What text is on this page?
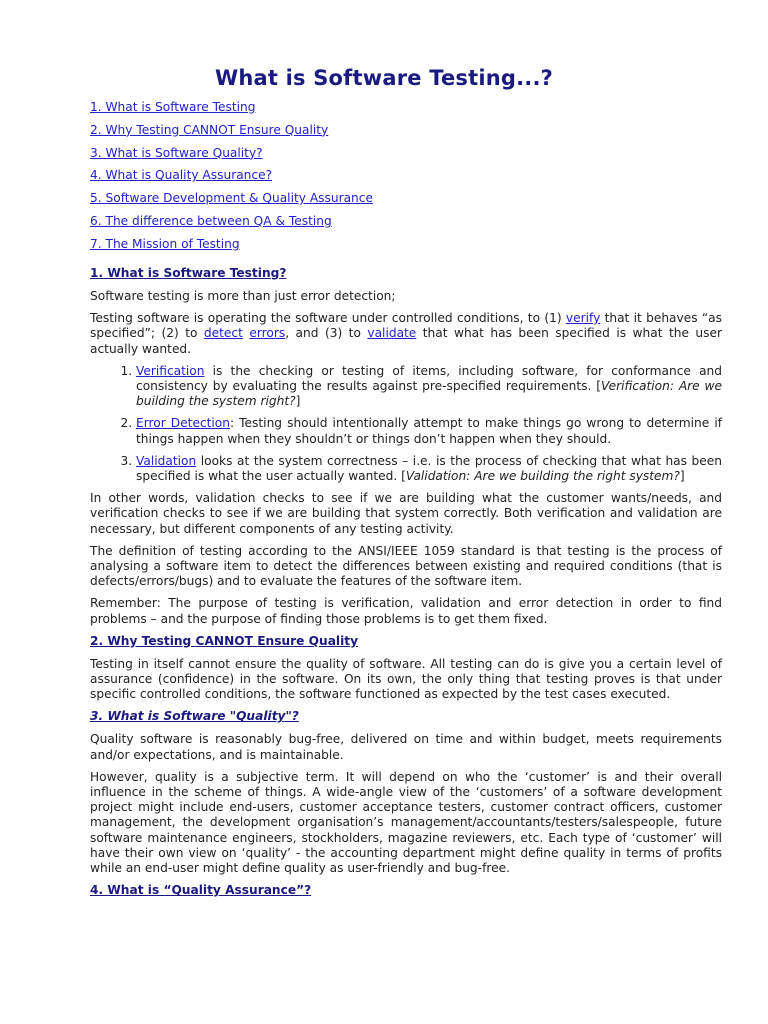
What is Software Testing...?
1. What is Software Testing
2. Why Testing CANNOT Ensure Quality
3. What is Software Quality?
4. What is Quality Assurance?
5. Software Development & Quality Assurance
6. The difference between QA & Testing
7. The Mission of Testing
1. What is Software Testing?

Software testing is more than just error detection;

Testing software is operating the software under controlled conditions, to (1) verify that it behaves “as specified”; (2) to detect errors, and (3) to validate that what has been specified is what the user actually wanted.

1. Verification is the checking or testing of items, including software, for conformance and consistency by evaluating the results against pre-specified requirements. [Verification: Are we building the system right?]
2. Error Detection: Testing should intentionally attempt to make things go wrong to determine if things happen when they shouldn’t or things don’t happen when they should.
3. Validation looks at the system correctness – i.e. is the process of checking that what has been specified is what the user actually wanted. [Validation: Are we building the right system?]

In other words, validation checks to see if we are building what the customer wants/needs, and verification checks to see if we are building that system correctly. Both verification and validation are necessary, but different components of any testing activity.

The definition of testing according to the ANSI/IEEE 1059 standard is that testing is the process of analysing a software item to detect the differences between existing and required conditions (that is defects/errors/bugs) and to evaluate the features of the software item.

Remember: The purpose of testing is verification, validation and error detection in order to find problems – and the purpose of finding those problems is to get them fixed.

2. Why Testing CANNOT Ensure Quality

Testing in itself cannot ensure the quality of software. All testing can do is give you a certain level of assurance (confidence) in the software. On its own, the only thing that testing proves is that under specific controlled conditions, the software functioned as expected by the test cases executed.

3. What is Software "Quality"?

Quality software is reasonably bug-free, delivered on time and within budget, meets requirements and/or expectations, and is maintainable.

However, quality is a subjective term. It will depend on who the ‘customer’ is and their overall influence in the scheme of things. A wide-angle view of the ‘customers’ of a software development project might include end-users, customer acceptance testers, customer contract officers, customer management, the development organisation’s management/accountants/testers/salespeople, future software maintenance engineers, stockholders, magazine reviewers, etc. Each type of ‘customer’ will have their own view on ‘quality’ - the accounting department might define quality in terms of profits while an end-user might define quality as user-friendly and bug-free.

4. What is “Quality Assurance”?
